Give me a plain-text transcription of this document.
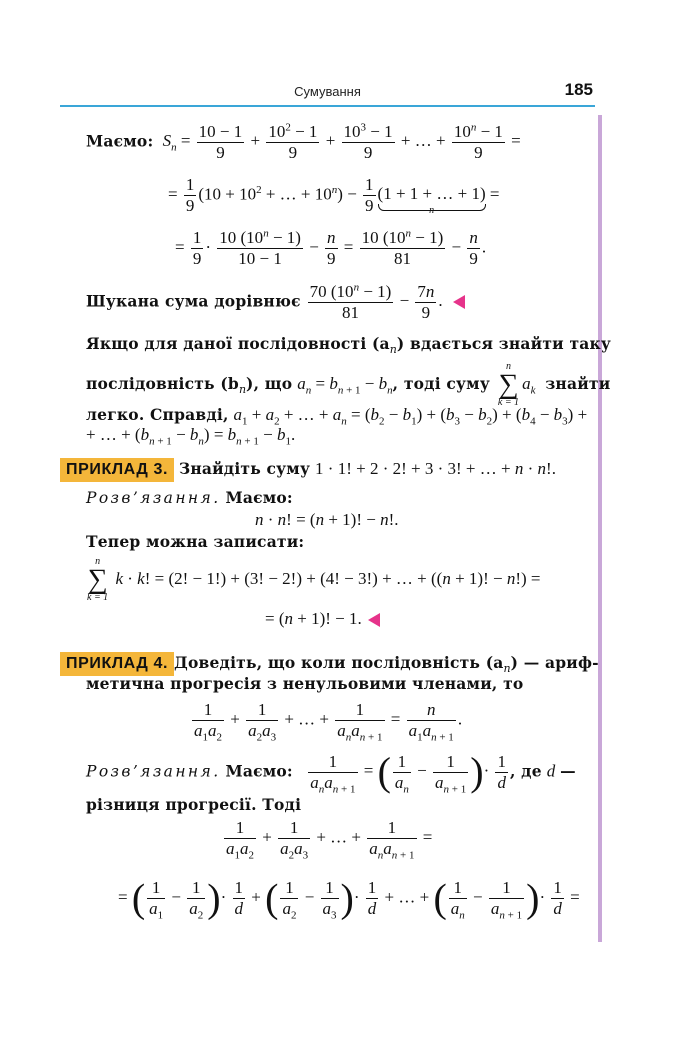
Сумування	185
Маємо: $S_n = \frac{10 - 1}{9} + \frac{10^2 - 1}{9} + \frac{10^3 - 1}{9}$ + … + $\frac{10^n - 1}{9}$ =
= $\frac{1}{9} (10 + 10^2$ + … + $10^n) - \frac{1}{9} (1 + 1$ + … + 1)
n
=
= $\frac{1}{9} \cdot \frac{10 (10^n - 1)}{10 - 1} - \frac{n}{9} = \frac{10 (10^n - 1)}{81} - \frac{n}{9}$ .
Шукана сума дорівнює $\frac{70 (10^n - 1)}{81} - \frac{7n}{9}$ .
Якщо для даної послідовності $(a_n)$ вдається знайти таку
послідовність $(b_n)$, що $a_n = b_{n + 1} - b_n$, тоді суму
n
∑
k = 1
$a_k$ знайти
легко. Справді, $a_1 + a_2$ + … + $a_n = (b_2 - b_1) + (b_3 - b_2) + (b_4 - b_3)$ +
+ … + $(b_{n + 1} - b_n) = b_{n + 1} - b_1$.
ПРИКЛАД 3. Знайдіть суму 1 · 1! + 2 · 2! + 3 · 3! + … + n · n!.
Розв’язання. Маємо:
n · n! = (n + 1)! − n!.
Тепер можна записати:
n
∑
k = 1
k · k! = (2! − 1!) + (3! − 2!) + (4! − 3!) + … + ((n + 1)! − n!) =
= (n + 1)! − 1.
ПРИКЛАД 4. Доведіть, що коли послідовність $(a_n)$ — ариф-
метична прогресія з ненульовими членами, то
$\frac{1}{a_1a_2} + \frac{1}{a_2a_3}$ + … + $\frac{1}{a_na_{n + 1}} = \frac{n}{a_1a_{n + 1}}$ .
Розв’язання. Маємо: $\frac{1}{a_na_{n + 1}}$ = ( $\frac{1}{a_n} - \frac{1}{a_{n + 1}}$ )· $\frac{1}{d}$ , де d —
різниця прогресії. Тоді
$\frac{1}{a_1a_2} + \frac{1}{a_2a_3}$ + … + $\frac{1}{a_na_{n + 1}}$ =
= ( $\frac{1}{a_1} - \frac{1}{a_2}$ )· $\frac{1}{d}$ + ( $\frac{1}{a_2} - \frac{1}{a_3}$ )· $\frac{1}{d}$ + … + ( $\frac{1}{a_n} - \frac{1}{a_{n + 1}}$ )· $\frac{1}{d}$ =
